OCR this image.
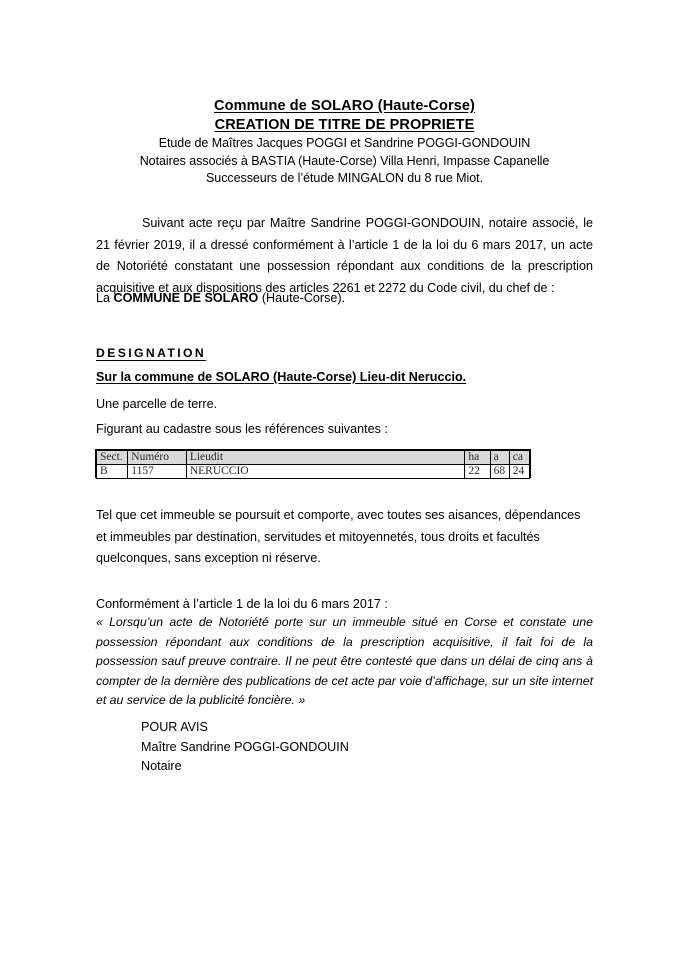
Commune de SOLARO (Haute-Corse)
CREATION DE TITRE DE PROPRIETE
Etude de Maîtres Jacques POGGI et Sandrine POGGI-GONDOUIN
Notaires associés à BASTIA (Haute-Corse) Villa Henri, Impasse Capanelle
Successeurs de l’étude MINGALON du 8 rue Miot.
Suivant acte reçu par Maître Sandrine POGGI-GONDOUIN, notaire associé, le 21 février 2019, il a dressé conformément à l’article 1 de la loi du 6 mars 2017, un acte de Notoriété constatant une possession répondant aux conditions de la prescription acquisitive et aux dispositions des articles 2261 et 2272 du Code civil, du chef de :
La COMMUNE DE SOLARO (Haute-Corse).
DESIGNATION
Sur la commune de SOLARO (Haute-Corse) Lieu-dit Neruccio.
Une parcelle de terre.
Figurant au cadastre sous les références suivantes :
Sect.	Numéro	Lieudit	ha	a	ca
B	1157	NERUCCIO	22	68	24
Tel que cet immeuble se poursuit et comporte, avec toutes ses aisances, dépendances et immeubles par destination, servitudes et mitoyennetés, tous droits et facultés quelconques, sans exception ni réserve.
Conformément à l’article 1 de la loi du 6 mars 2017 :
« Lorsqu’un acte de Notoriété porte sur un immeuble situé en Corse et constate une possession répondant aux conditions de la prescription acquisitive, il fait foi de la possession sauf preuve contraire. Il ne peut être contesté que dans un délai de cinq ans à compter de la dernière des publications de cet acte par voie d’affichage, sur un site internet et au service de la publicité foncière. »
POUR AVIS
Maître Sandrine POGGI-GONDOUIN
Notaire
